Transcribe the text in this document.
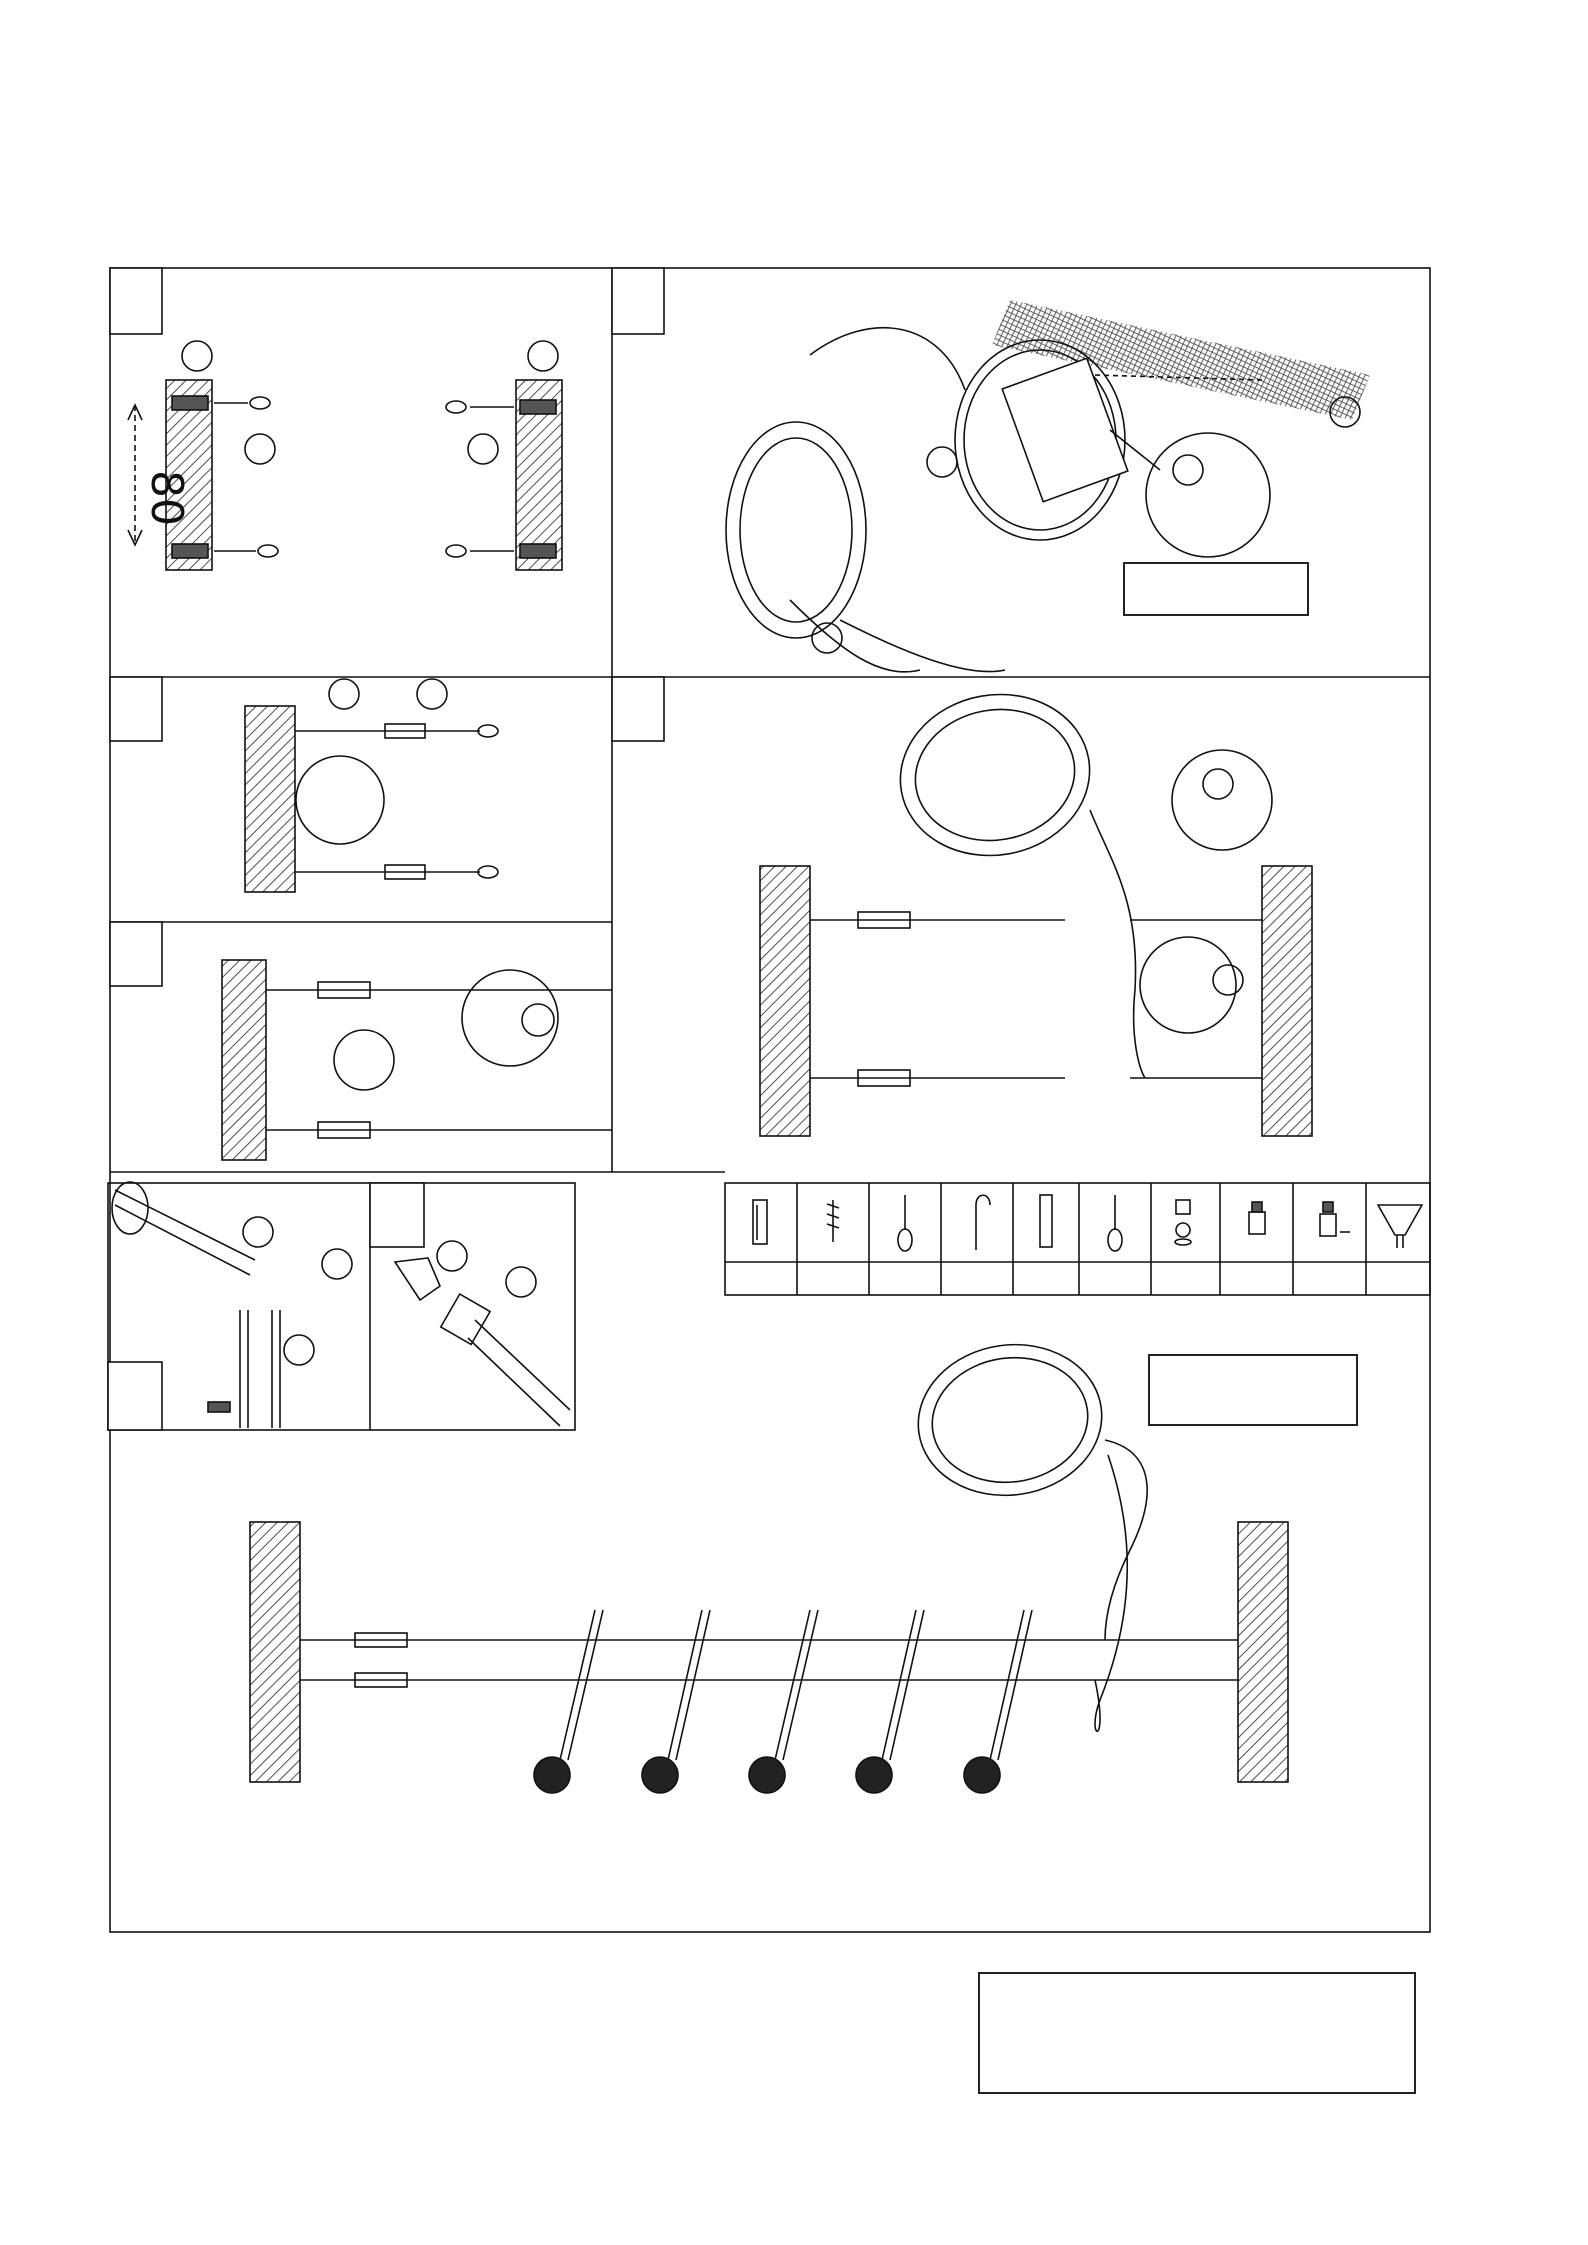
80
